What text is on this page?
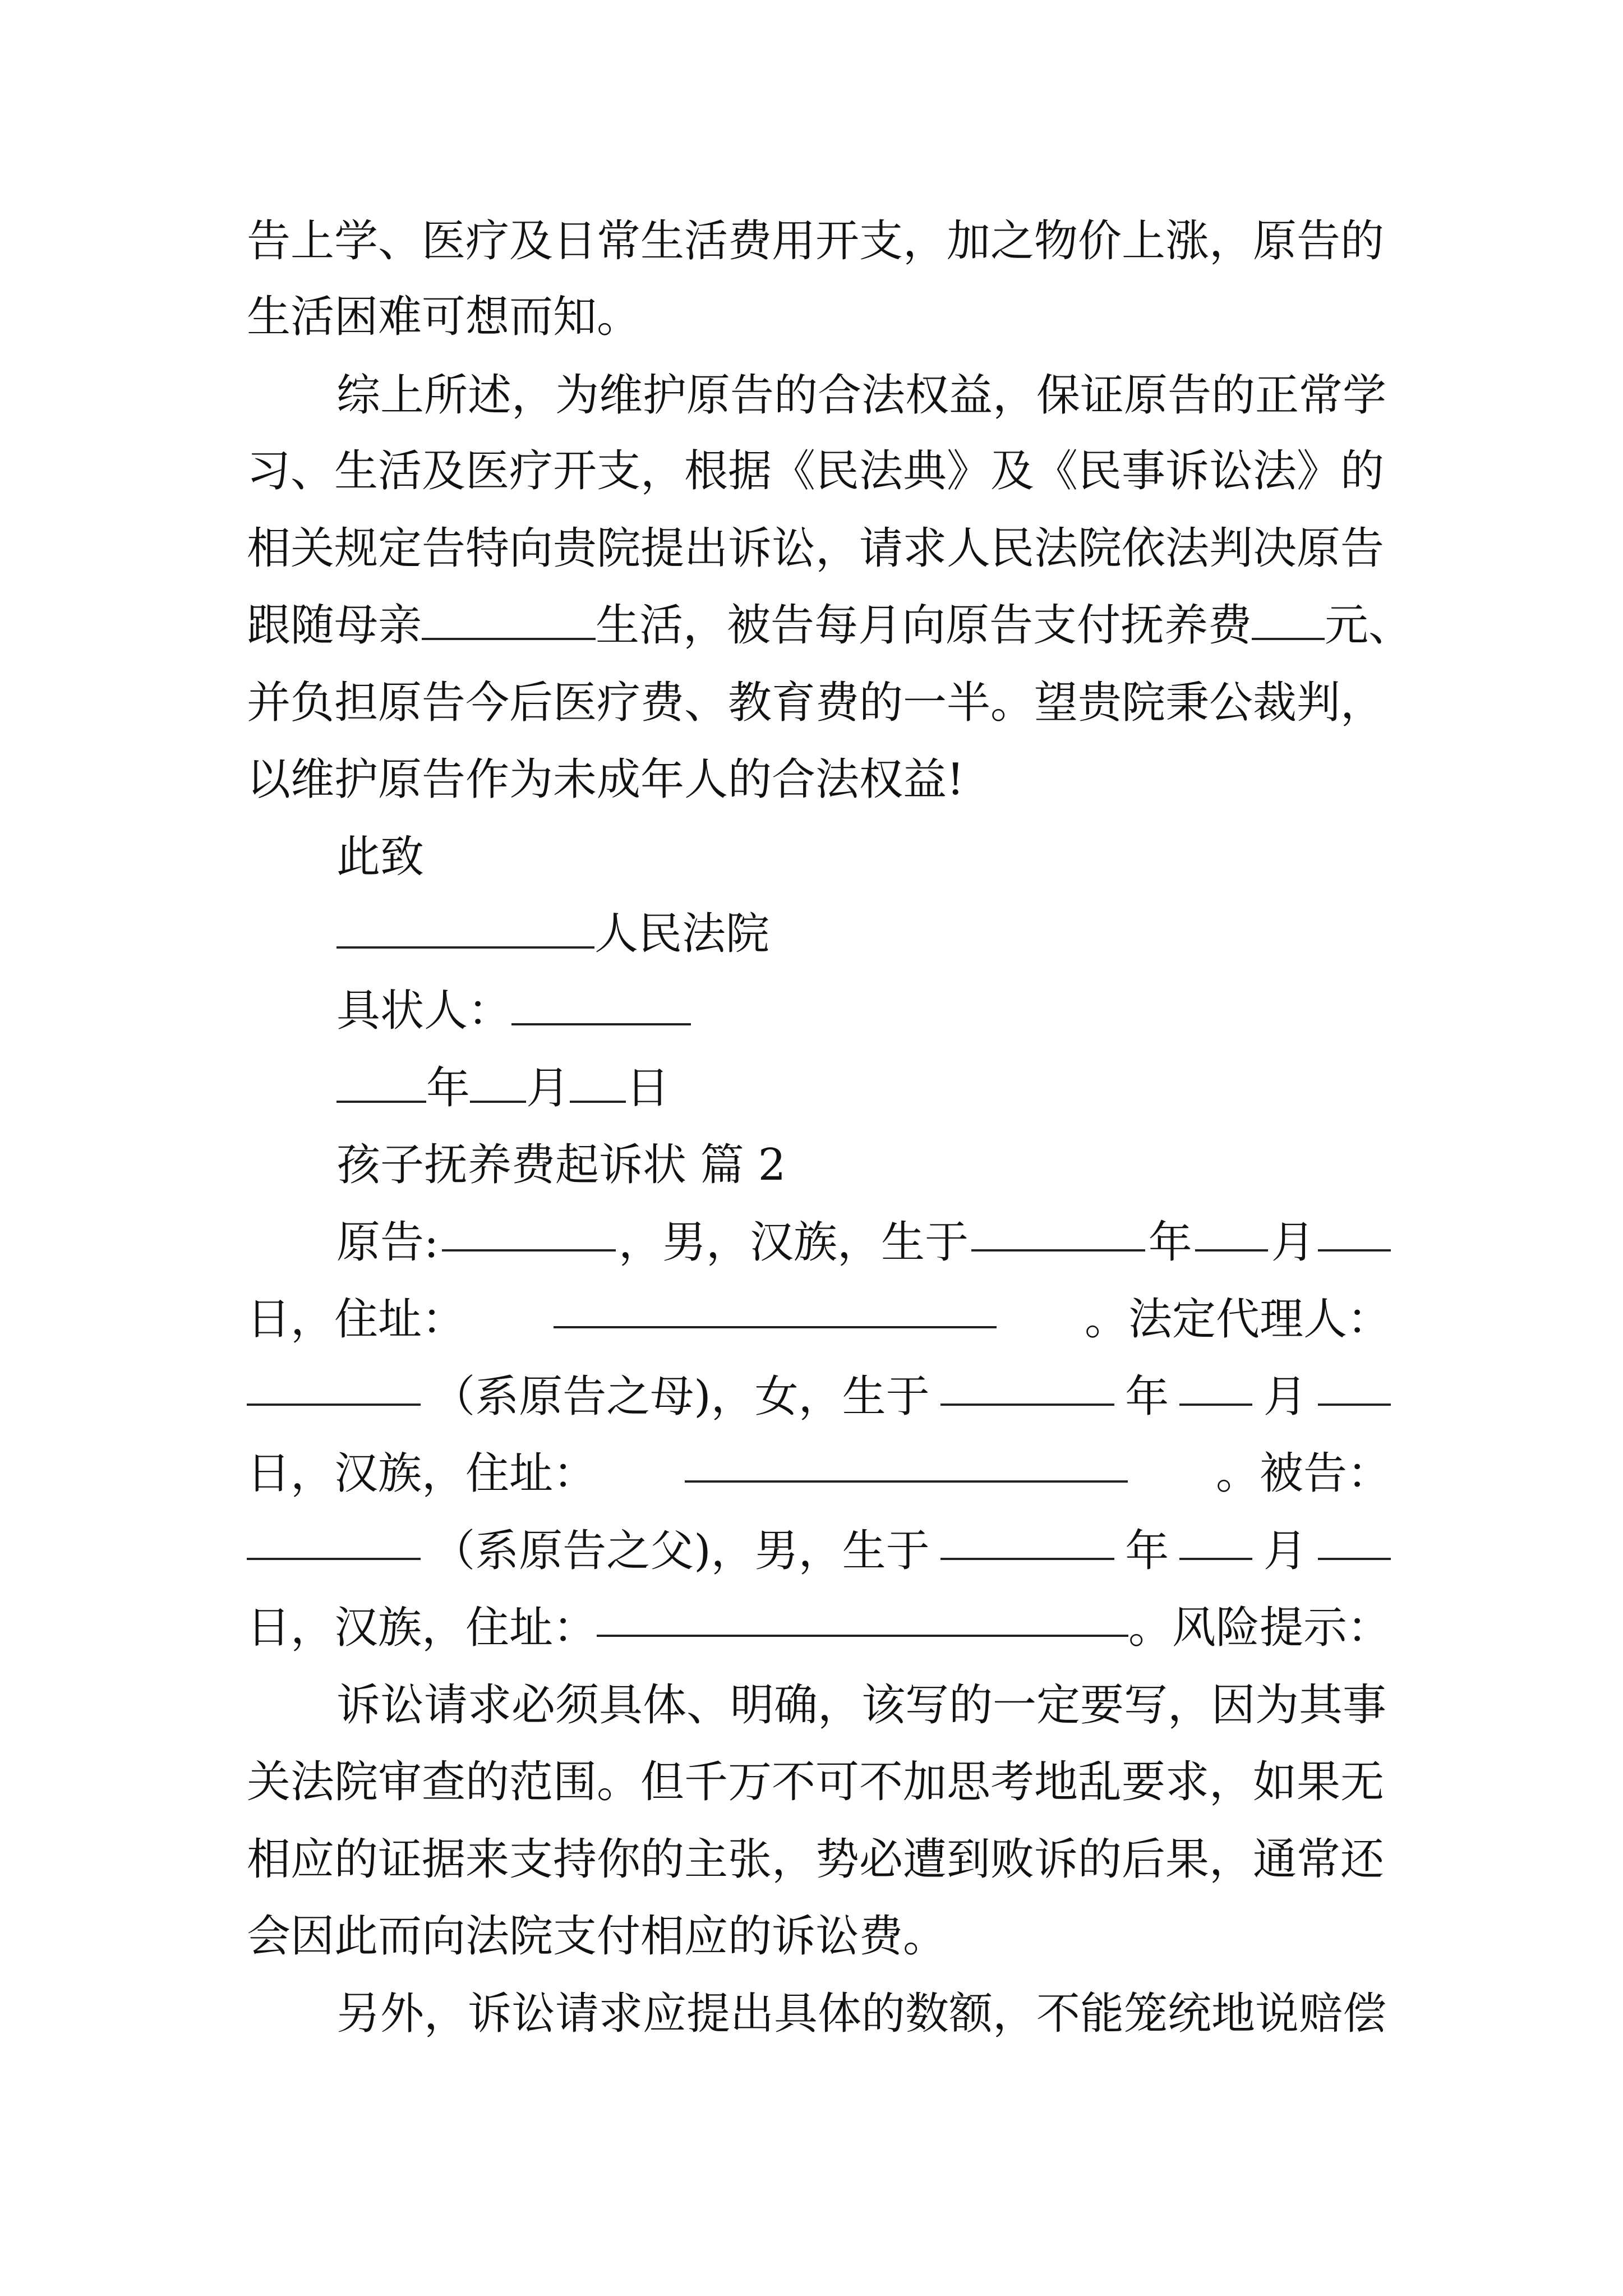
告上学、医疗及日常生活费用开支，加之物价上涨，原告的
生活困难可想而知。
综上所述，为维护原告的合法权益，保证原告的正常学
习、生活及医疗开支，根据《民法典》及《民事诉讼法》的
相关规定告特向贵院提出诉讼，请求人民法院依法判决原告
跟随母亲	生活，被告每月向原告支付抚养费 元、
并负担原告今后医疗费、教育费的一半。望贵院秉公裁判，
以维护原告作为未成年人的合法权益!
此致
人民法院
具状人：
年 月 日
孩子抚养费起诉状 篇 2
原告:	，男，汉族，生于	年 月
日，住址：	。法定代理人：
（系原告之母)，女，生于	年 月
日，汉族，住址：	。被告：
（系原告之父)，男，生于	年 月
日，汉族，住址：	。风险提示：
诉讼请求必须具体、明确，该写的一定要写，因为其事
关法院审查的范围。但千万不可不加思考地乱要求，如果无
相应的证据来支持你的主张，势必遭到败诉的后果，通常还
会因此而向法院支付相应的诉讼费。
另外，诉讼请求应提出具体的数额，不能笼统地说赔偿
